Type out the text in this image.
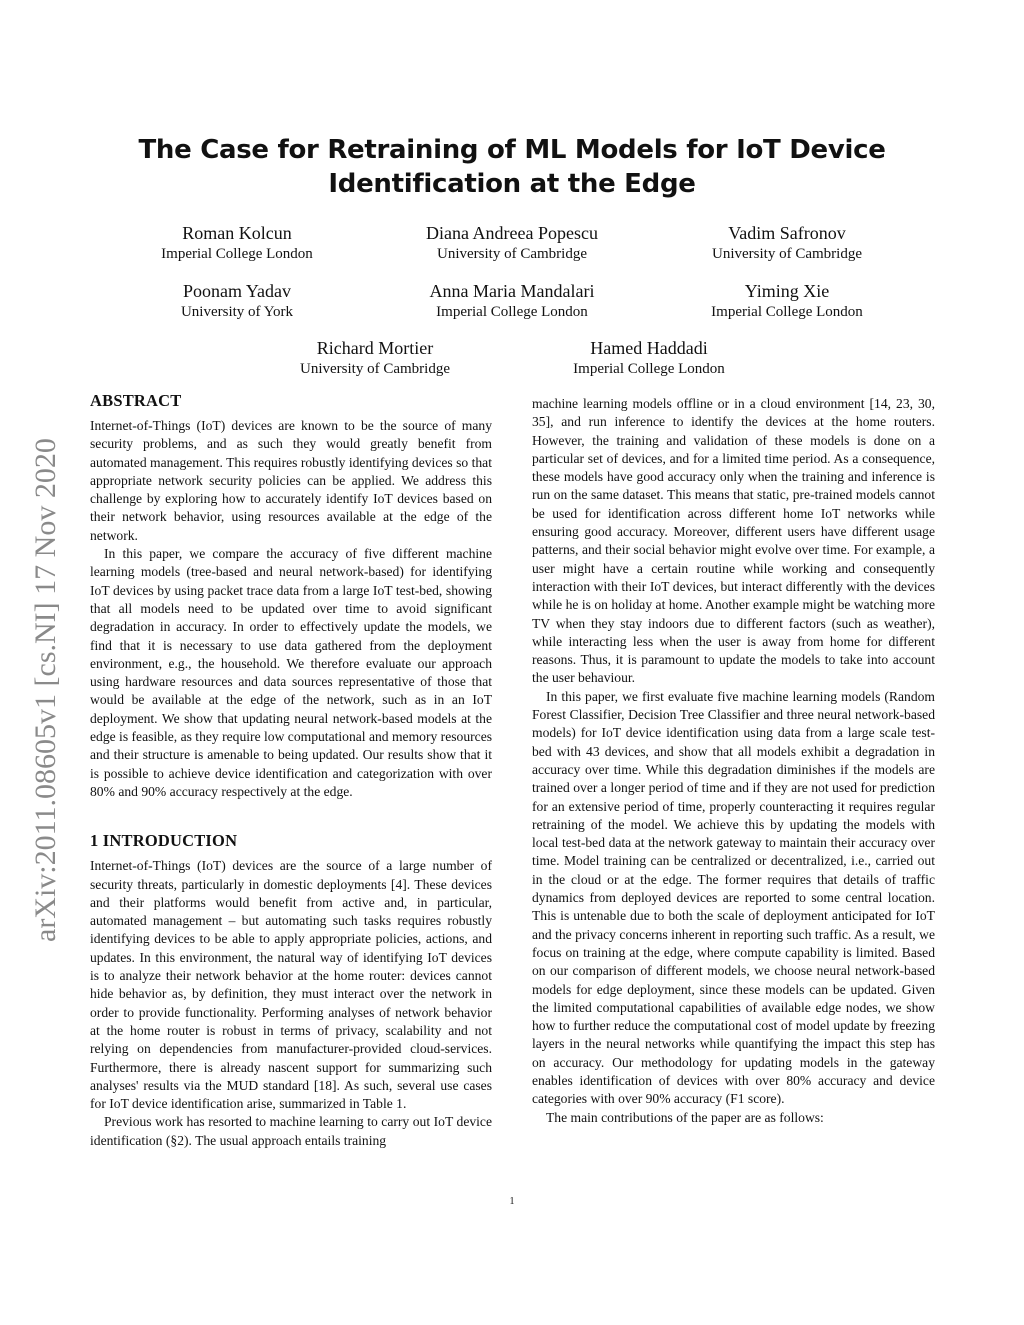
arXiv:2011.08605v1 [cs.NI] 17 Nov 2020
The Case for Retraining of ML Models for IoT Device Identification at the Edge
Roman Kolcun
Imperial College London
Diana Andreea Popescu
University of Cambridge
Vadim Safronov
University of Cambridge
Poonam Yadav
University of York
Anna Maria Mandalari
Imperial College London
Yiming Xie
Imperial College London
Richard Mortier
University of Cambridge
Hamed Haddadi
Imperial College London
ABSTRACT

Internet-of-Things (IoT) devices are known to be the source of many security problems, and as such they would greatly benefit from automated management. This requires robustly identifying devices so that appropriate network security policies can be applied. We address this challenge by exploring how to accurately identify IoT devices based on their network behavior, using resources available at the edge of the network.

In this paper, we compare the accuracy of five different machine learning models (tree-based and neural network-based) for identifying IoT devices by using packet trace data from a large IoT test-bed, showing that all models need to be updated over time to avoid significant degradation in accuracy. In order to effectively update the models, we find that it is necessary to use data gathered from the deployment environment, e.g., the household. We therefore evaluate our approach using hardware resources and data sources representative of those that would be available at the edge of the network, such as in an IoT deployment. We show that updating neural network-based models at the edge is feasible, as they require low computational and memory resources and their structure is amenable to being updated. Our results show that it is possible to achieve device identification and categorization with over 80% and 90% accuracy respectively at the edge.

1 INTRODUCTION

Internet-of-Things (IoT) devices are the source of a large number of security threats, particularly in domestic deployments [4]. These devices and their platforms would benefit from active and, in particular, automated management – but automating such tasks requires robustly identifying devices to be able to apply appropriate policies, actions, and updates. In this environment, the natural way of identifying IoT devices is to analyze their network behavior at the home router: devices cannot hide behavior as, by definition, they must interact over the network in order to provide functionality. Performing analyses of network behavior at the home router is robust in terms of privacy, scalability and not relying on dependencies from manufacturer-provided cloud-services. Furthermore, there is already nascent support for summarizing such analyses' results via the MUD standard [18]. As such, several use cases for IoT device identification arise, summarized in Table 1.

Previous work has resorted to machine learning to carry out IoT device identification (§2). The usual approach entails training

machine learning models offline or in a cloud environment [14, 23, 30, 35], and run inference to identify the devices at the home routers. However, the training and validation of these models is done on a particular set of devices, and for a limited time period. As a consequence, these models have good accuracy only when the training and inference is run on the same dataset. This means that static, pre-trained models cannot be used for identification across different home IoT networks while ensuring good accuracy. Moreover, different users have different usage patterns, and their social behavior might evolve over time. For example, a user might have a certain routine while working and consequently interaction with their IoT devices, but interact differently with the devices while he is on holiday at home. Another example might be watching more TV when they stay indoors due to different factors (such as weather), while interacting less when the user is away from home for different reasons. Thus, it is paramount to update the models to take into account the user behaviour.

In this paper, we first evaluate five machine learning models (Random Forest Classifier, Decision Tree Classifier and three neural network-based models) for IoT device identification using data from a large scale test-bed with 43 devices, and show that all models exhibit a degradation in accuracy over time. While this degradation diminishes if the models are trained over a longer period of time and if they are not used for prediction for an extensive period of time, properly counteracting it requires regular retraining of the model. We achieve this by updating the models with local test-bed data at the network gateway to maintain their accuracy over time. Model training can be centralized or decentralized, i.e., carried out in the cloud or at the edge. The former requires that details of traffic dynamics from deployed devices are reported to some central location. This is untenable due to both the scale of deployment anticipated for IoT and the privacy concerns inherent in reporting such traffic. As a result, we focus on training at the edge, where compute capability is limited. Based on our comparison of different models, we choose neural network-based models for edge deployment, since these models can be updated. Given the limited computational capabilities of available edge nodes, we show how to further reduce the computational cost of model update by freezing layers in the neural networks while quantifying the impact this step has on accuracy. Our methodology for updating models in the gateway enables identification of devices with over 80% accuracy and device categories with over 90% accuracy (F1 score).

The main contributions of the paper are as follows:

1
